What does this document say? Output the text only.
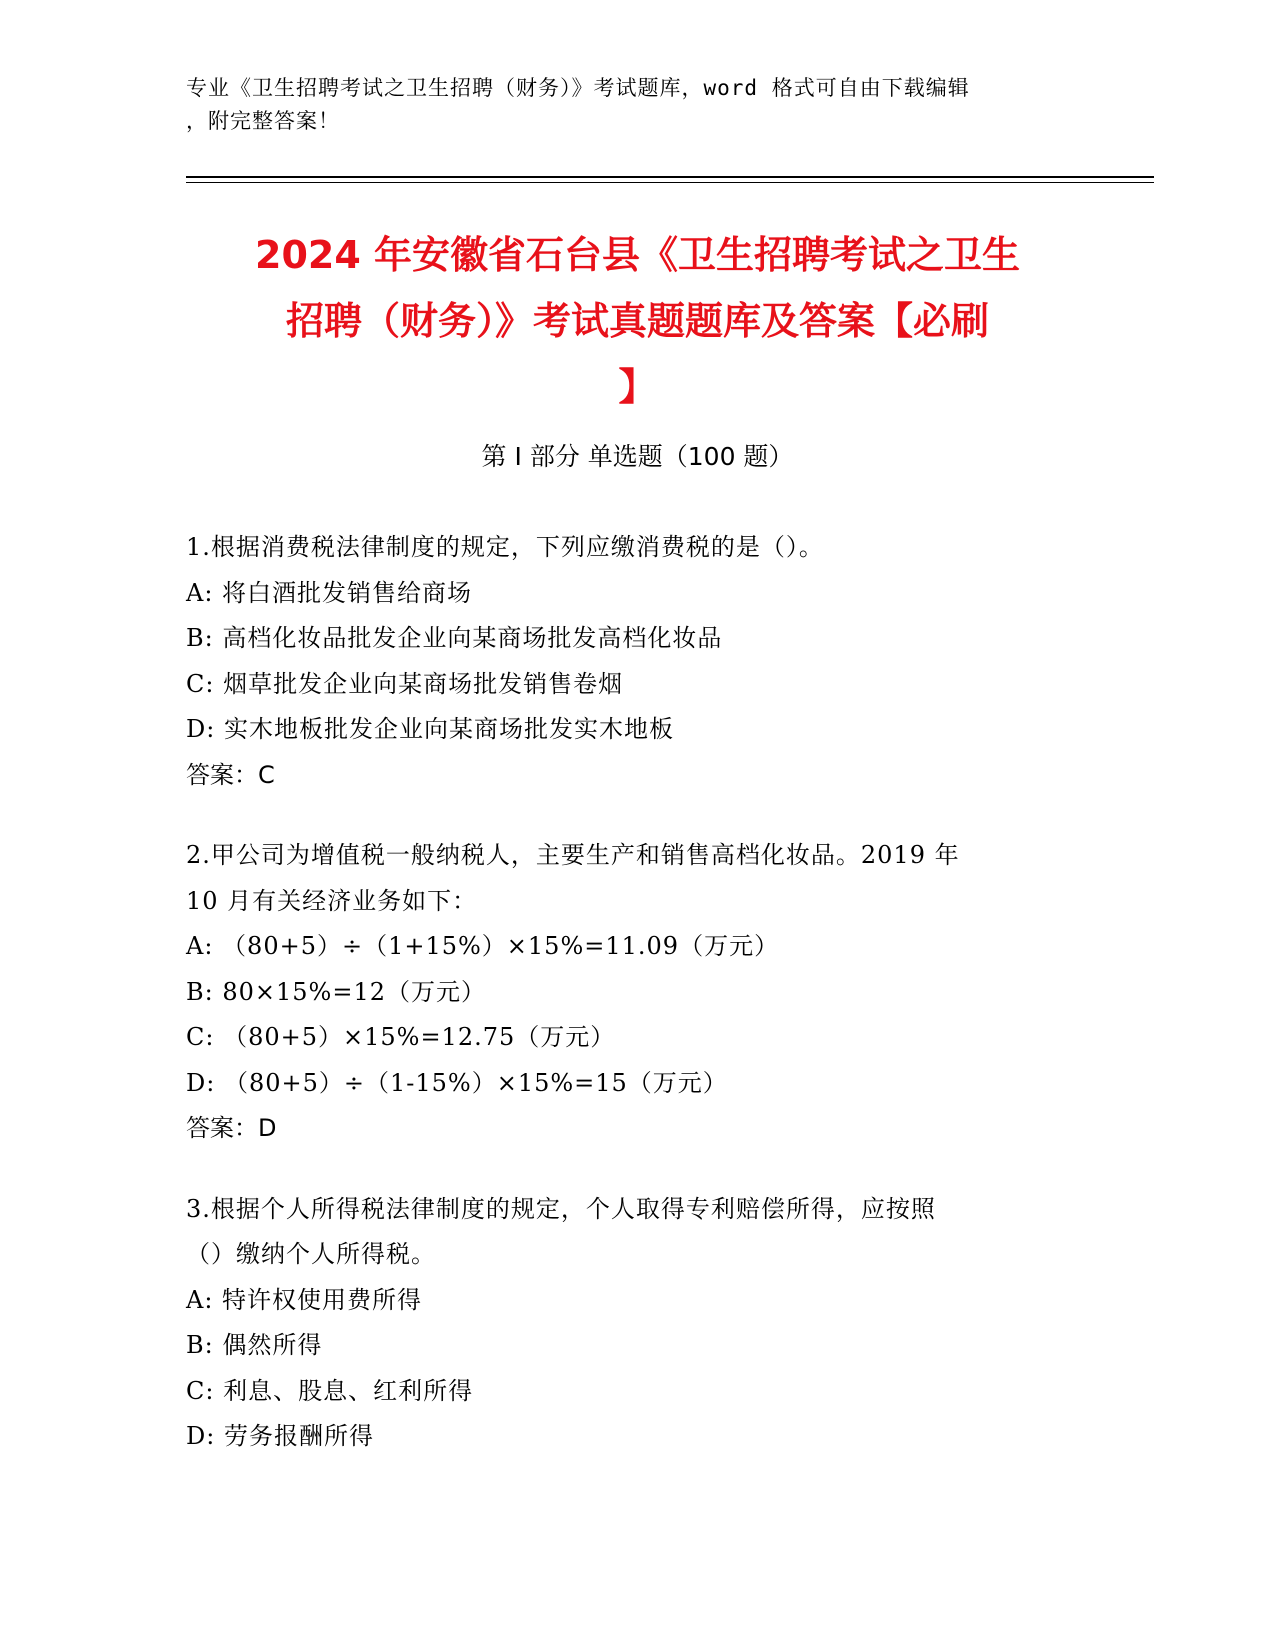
专业《卫生招聘考试之卫生招聘（财务）》考试题库，word 格式可自由下载编辑
，附完整答案！
2024 年安徽省石台县《卫生招聘考试之卫生
招聘（财务）》考试真题题库及答案【必刷
】
第 I 部分 单选题（100 题）
1.根据消费税法律制度的规定，下列应缴消费税的是（）。
A: 将白酒批发销售给商场
B: 高档化妆品批发企业向某商场批发高档化妆品
C: 烟草批发企业向某商场批发销售卷烟
D: 实木地板批发企业向某商场批发实木地板
答案：C
2.甲公司为增值税一般纳税人，主要生产和销售高档化妆品。2019 年
10 月有关经济业务如下：
A: （80+5）÷（1+15%）×15%=11.09（万元）
B: 80×15%=12（万元）
C: （80+5）×15%=12.75（万元）
D: （80+5）÷（1-15%）×15%=15（万元）
答案：D
3.根据个人所得税法律制度的规定，个人取得专利赔偿所得，应按照
（）缴纳个人所得税。
A: 特许权使用费所得
B: 偶然所得
C: 利息、股息、红利所得
D: 劳务报酬所得
